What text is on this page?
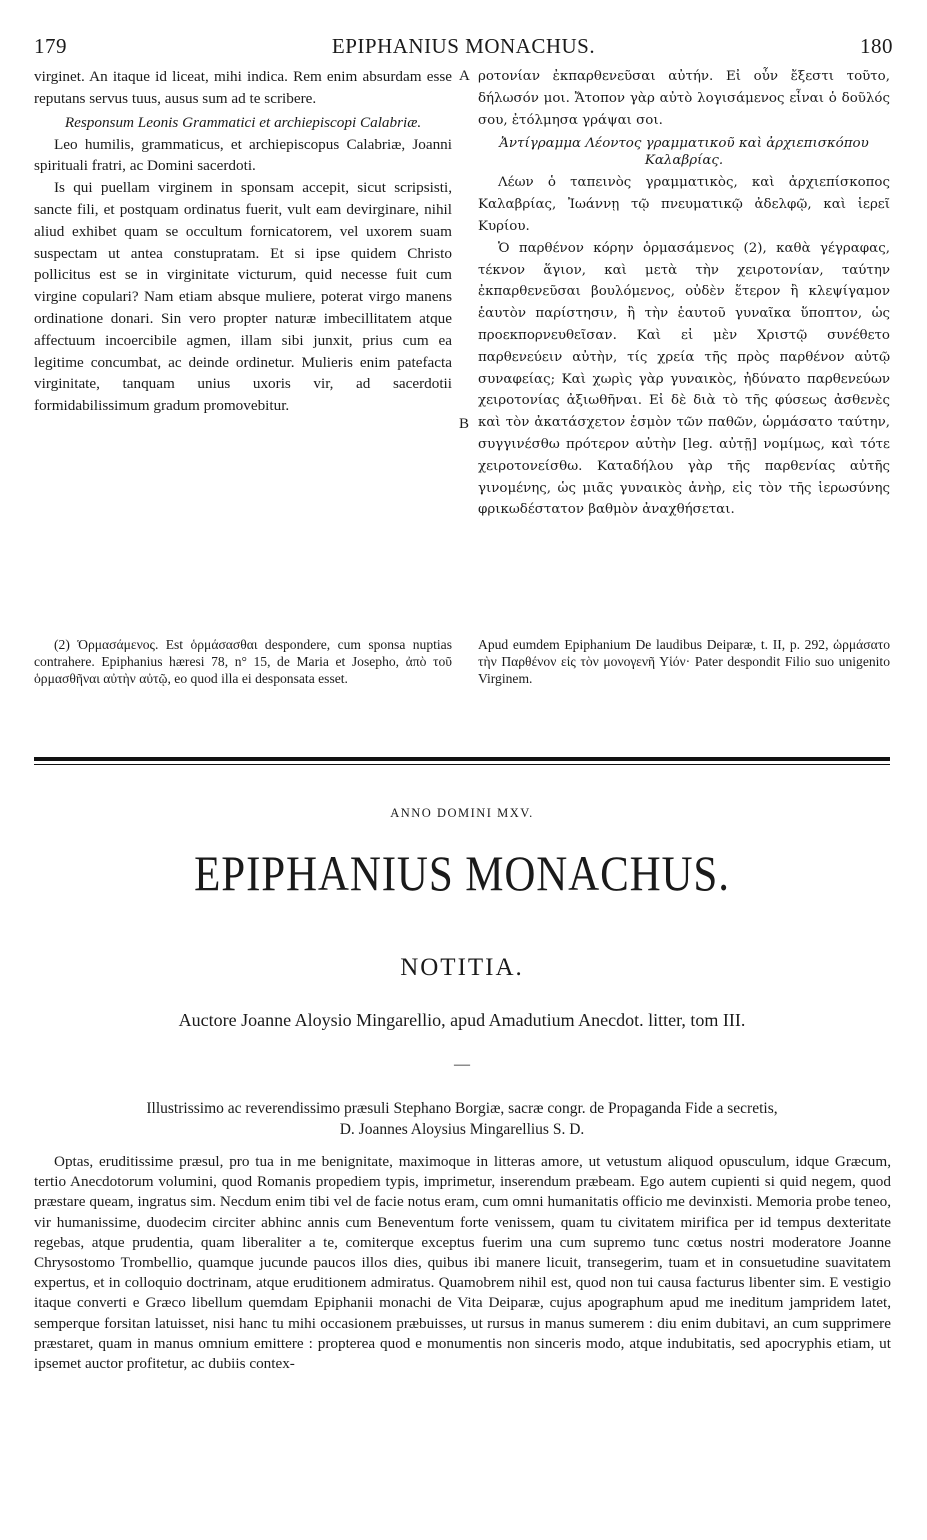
179	EPIPHANIUS MONACHUS.	180

virginet. An itaque id liceat, mihi indica. Rem enim absurdam esse reputans servus tuus, ausus sum ad te scribere.

Responsum Leonis Grammatici et archiepiscopi Calabriæ.

Leo humilis, grammaticus, et archiepiscopus Calabriæ, Joanni spirituali fratri, ac Domini sacerdoti.

Is qui puellam virginem in sponsam accepit, sicut scripsisti, sancte fili, et postquam ordinatus fuerit, vult eam devirginare, nihil aliud exhibet quam se occultum fornicatorem, vel uxorem suam suspectam ut antea constupratam. Et si ipse quidem Christo pollicitus est se in virginitate victurum, quid necesse fuit cum virgine copulari? Nam etiam absque muliere, poterat virgo manens ordinatione donari. Sin vero propter naturæ imbecillitatem atque affectuum incoercibile agmen, illam sibi junxit, prius cum ea legitime concumbat, ac deinde ordinetur. Mulieris enim patefacta virginitate, tanquam unius uxoris vir, ad sacerdotii formidabilissimum gradum promovebitur.

A
B

ροτονίαν ἐκπαρθενεῦσαι αὐτήν. Εἰ οὖν ἔξεστι τοῦτο, δήλωσόν μοι. Ἄτοπον γὰρ αὐτὸ λογισάμενος εἶναι ὁ δοῦλός σου, ἐτόλμησα γράψαι σοι.

Ἀντίγραμμα Λέοντος γραμματικοῦ καὶ ἀρχιεπισκόπου Καλαβρίας.

Λέων ὁ ταπεινὸς γραμματικὸς, καὶ ἀρχιεπίσκοπος Καλαβρίας, Ἰωάννῃ τῷ πνευματικῷ ἀδελφῷ, καὶ ἱερεῖ Κυρίου.

Ὁ παρθένον κόρην ὁρμασάμενος (2), καθὰ γέγραφας, τέκνον ἅγιον, καὶ μετὰ τὴν χειροτονίαν, ταύτην ἐκπαρθενεῦσαι βουλόμενος, οὐδὲν ἕτερον ἢ κλεψίγαμον ἑαυτὸν παρίστησιν, ἢ τὴν ἑαυτοῦ γυναῖκα ὕποπτον, ὡς προεκπορνευθεῖσαν. Καὶ εἰ μὲν Χριστῷ συνέθετο παρθενεύειν αὐτὴν, τίς χρεία τῆς πρὸς παρθένον αὐτῷ συναφείας; Καὶ χωρὶς γὰρ γυναικὸς, ἠδύνατο παρθενεύων χειροτονίας ἀξιωθῆναι. Εἰ δὲ διὰ τὸ τῆς φύσεως ἀσθενὲς καὶ τὸν ἀκατάσχετον ἑσμὸν τῶν παθῶν, ὡρμάσατο ταύτην, συγγινέσθω πρότερον αὐτὴν [leg. αὐτῇ] νομίμως, καὶ τότε χειροτονείσθω. Καταδήλου γὰρ τῆς παρθενίας αὐτῆς γινομένης, ὡς μιᾶς γυναικὸς ἀνὴρ, εἰς τὸν τῆς ἱερωσύνης φρικωδέστατον βαθμὸν ἀναχθήσεται.

(2) Ὁρμασάμενος. Est ὁρμάσασθαι despondere, cum sponsa nuptias contrahere. Epiphanius hæresi 78, n° 15, de Maria et Josepho, ἀπὸ τοῦ ὁρμασθῆναι αὐτὴν αὐτῷ, eo quod illa ei desponsata esset.

Apud eumdem Epiphanium De laudibus Deiparæ, t. II, p. 292, ὡρμάσατο τὴν Παρθένον εἰς τὸν μονογενῆ Υἱόν· Pater despondit Filio suo unigenito Virginem.

ANNO DOMINI MXV.
EPIPHANIUS MONACHUS.
NOTITIA.
Auctore Joanne Aloysio Mingarellio, apud Amadutium Anecdot. litter, tom III.
—
Illustrissimo ac reverendissimo præsuli Stephano Borgiæ, sacræ congr. de Propaganda Fide a secretis,
D. Joannes Aloysius Mingarellius S. D.

Optas, eruditissime præsul, pro tua in me benignitate, maximoque in litteras amore, ut vetustum aliquod opusculum, idque Græcum, tertio Anecdotorum volumini, quod Romanis propediem typis, imprimetur, inserendum præbeam. Ego autem cupienti si quid negem, quod præstare queam, ingratus sim. Necdum enim tibi vel de facie notus eram, cum omni humanitatis officio me devinxisti. Memoria probe teneo, vir humanissime, duodecim circiter abhinc annis cum Beneventum forte venissem, quam tu civitatem mirifica per id tempus dexteritate regebas, atque prudentia, quam liberaliter a te, comiterque exceptus fuerim una cum supremo tunc cœtus nostri moderatore Joanne Chrysostomo Trombellio, quamque jucunde paucos illos dies, quibus ibi manere licuit, transegerim, tuam et in consuetudine suavitatem expertus, et in colloquio doctrinam, atque eruditionem admiratus. Quamobrem nihil est, quod non tui causa facturus libenter sim. E vestigio itaque converti e Græco libellum quemdam Epiphanii monachi de Vita Deiparæ, cujus apographum apud me ineditum jampridem latet, semperque forsitan latuisset, nisi hanc tu mihi occasionem præbuisses, ut rursus in manus sumerem : diu enim dubitavi, an cum supprimere præstaret, quam in manus omnium emittere : propterea quod e monumentis non sinceris modo, atque indubitatis, sed apocryphis etiam, ut ipsemet auctor profitetur, ac dubiis contex-
